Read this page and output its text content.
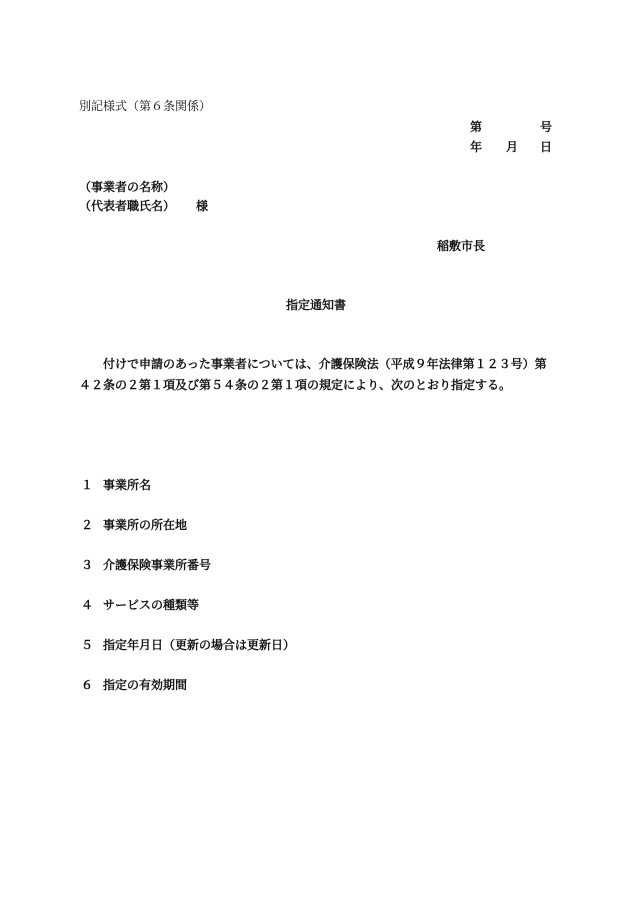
別記様式（第６条関係）
第	号
年 月 日
（事業者の名称）
（代表者職氏名） 様
稲敷市長
指定通知書
付けで申請のあった事業者については、介護保険法（平成９年法律第１２３号）第４２条の２第１項及び第５４条の２第１項の規定により、次のとおり指定する。
１ 事業所名
２ 事業所の所在地
３ 介護保険事業所番号
４ サービスの種類等
５ 指定年月日（更新の場合は更新日）
６ 指定の有効期間
